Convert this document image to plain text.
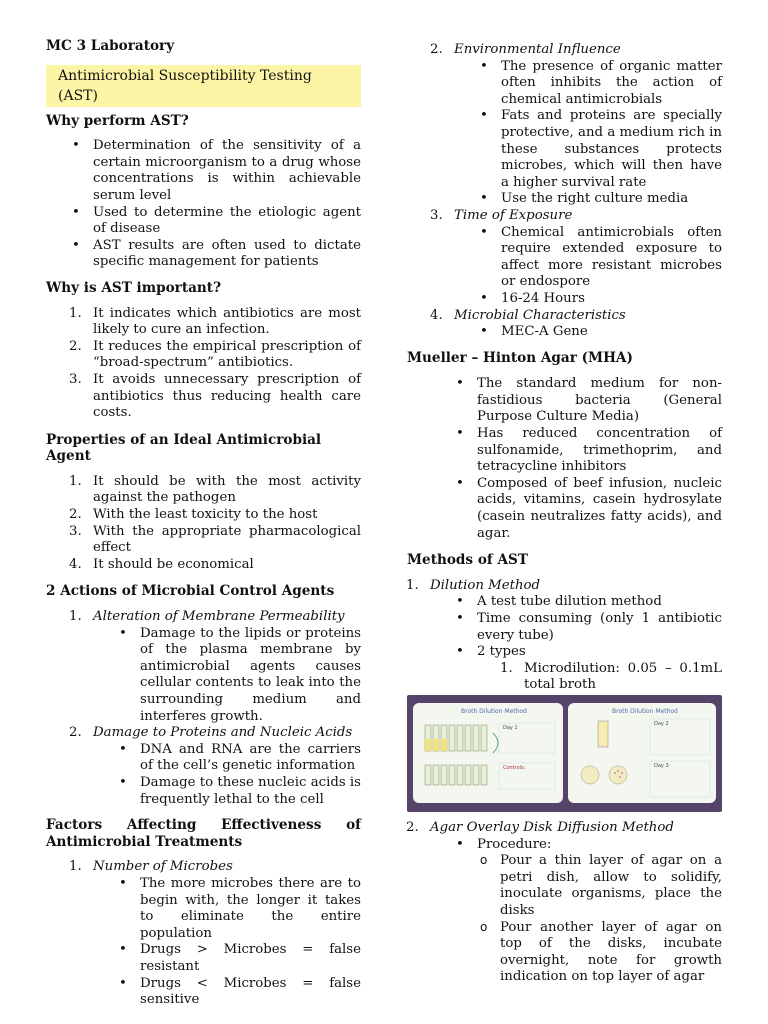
MC 3 Laboratory
Antimicrobial Susceptibility Testing (AST)
Why perform AST?
• Determination of the sensitivity of a certain microorganism to a drug whose concentrations is within achievable serum level
• Used to determine the etiologic agent of disease
• AST results are often used to dictate specific management for patients
Why is AST important?
1. It indicates which antibiotics are most likely to cure an infection.
2. It reduces the empirical prescription of “broad-spectrum” antibiotics.
3. It avoids unnecessary prescription of antibiotics thus reducing health care costs.
Properties of an Ideal Antimicrobial Agent
1. It should be with the most activity against the pathogen
2. With the least toxicity to the host
3. With the appropriate pharmacological effect
4. It should be economical
2 Actions of Microbial Control Agents
1. Alteration of Membrane Permeability
• Damage to the lipids or proteins of the plasma membrane by antimicrobial agents causes cellular contents to leak into the surrounding medium and interferes growth.
2. Damage to Proteins and Nucleic Acids
• DNA and RNA are the carriers of the cell’s genetic information
• Damage to these nucleic acids is frequently lethal to the cell
Factors Affecting Effectiveness of Antimicrobial Treatments
1. Number of Microbes
• The more microbes there are to begin with, the longer it takes to eliminate the entire population
• Drugs > Microbes = false resistant
• Drugs < Microbes = false sensitive
2. Environmental Influence
• The presence of organic matter often inhibits the action of chemical antimicrobials
• Fats and proteins are specially protective, and a medium rich in these substances protects microbes, which will then have a higher survival rate
• Use the right culture media
3. Time of Exposure
• Chemical antimicrobials often require extended exposure to affect more resistant microbes or endospore
• 16-24 Hours
4. Microbial Characteristics
• MEC-A Gene
Mueller – Hinton Agar (MHA)
• The standard medium for non-fastidious bacteria (General Purpose Culture Media)
• Has reduced concentration of sulfonamide, trimethoprim, and tetracycline inhibitors
• Composed of beef infusion, nucleic acids, vitamins, casein hydrosylate (casein neutralizes fatty acids), and agar.
Methods of AST
1. Dilution Method
• A test tube dilution method
• Time consuming (only 1 antibiotic every tube)
• 2 types
1. Microdilution: 0.05 – 0.1mL total broth
Broth Dilution Method
Day 1
Controls:
Broth Dilution Method
Day 2
Day 3
2. Agar Overlay Disk Diffusion Method
• Procedure:
o Pour a thin layer of agar on a petri dish, allow to solidify, inoculate organisms, place the disks
o Pour another layer of agar on top of the disks, incubate overnight, note for growth indication on top layer of agar
